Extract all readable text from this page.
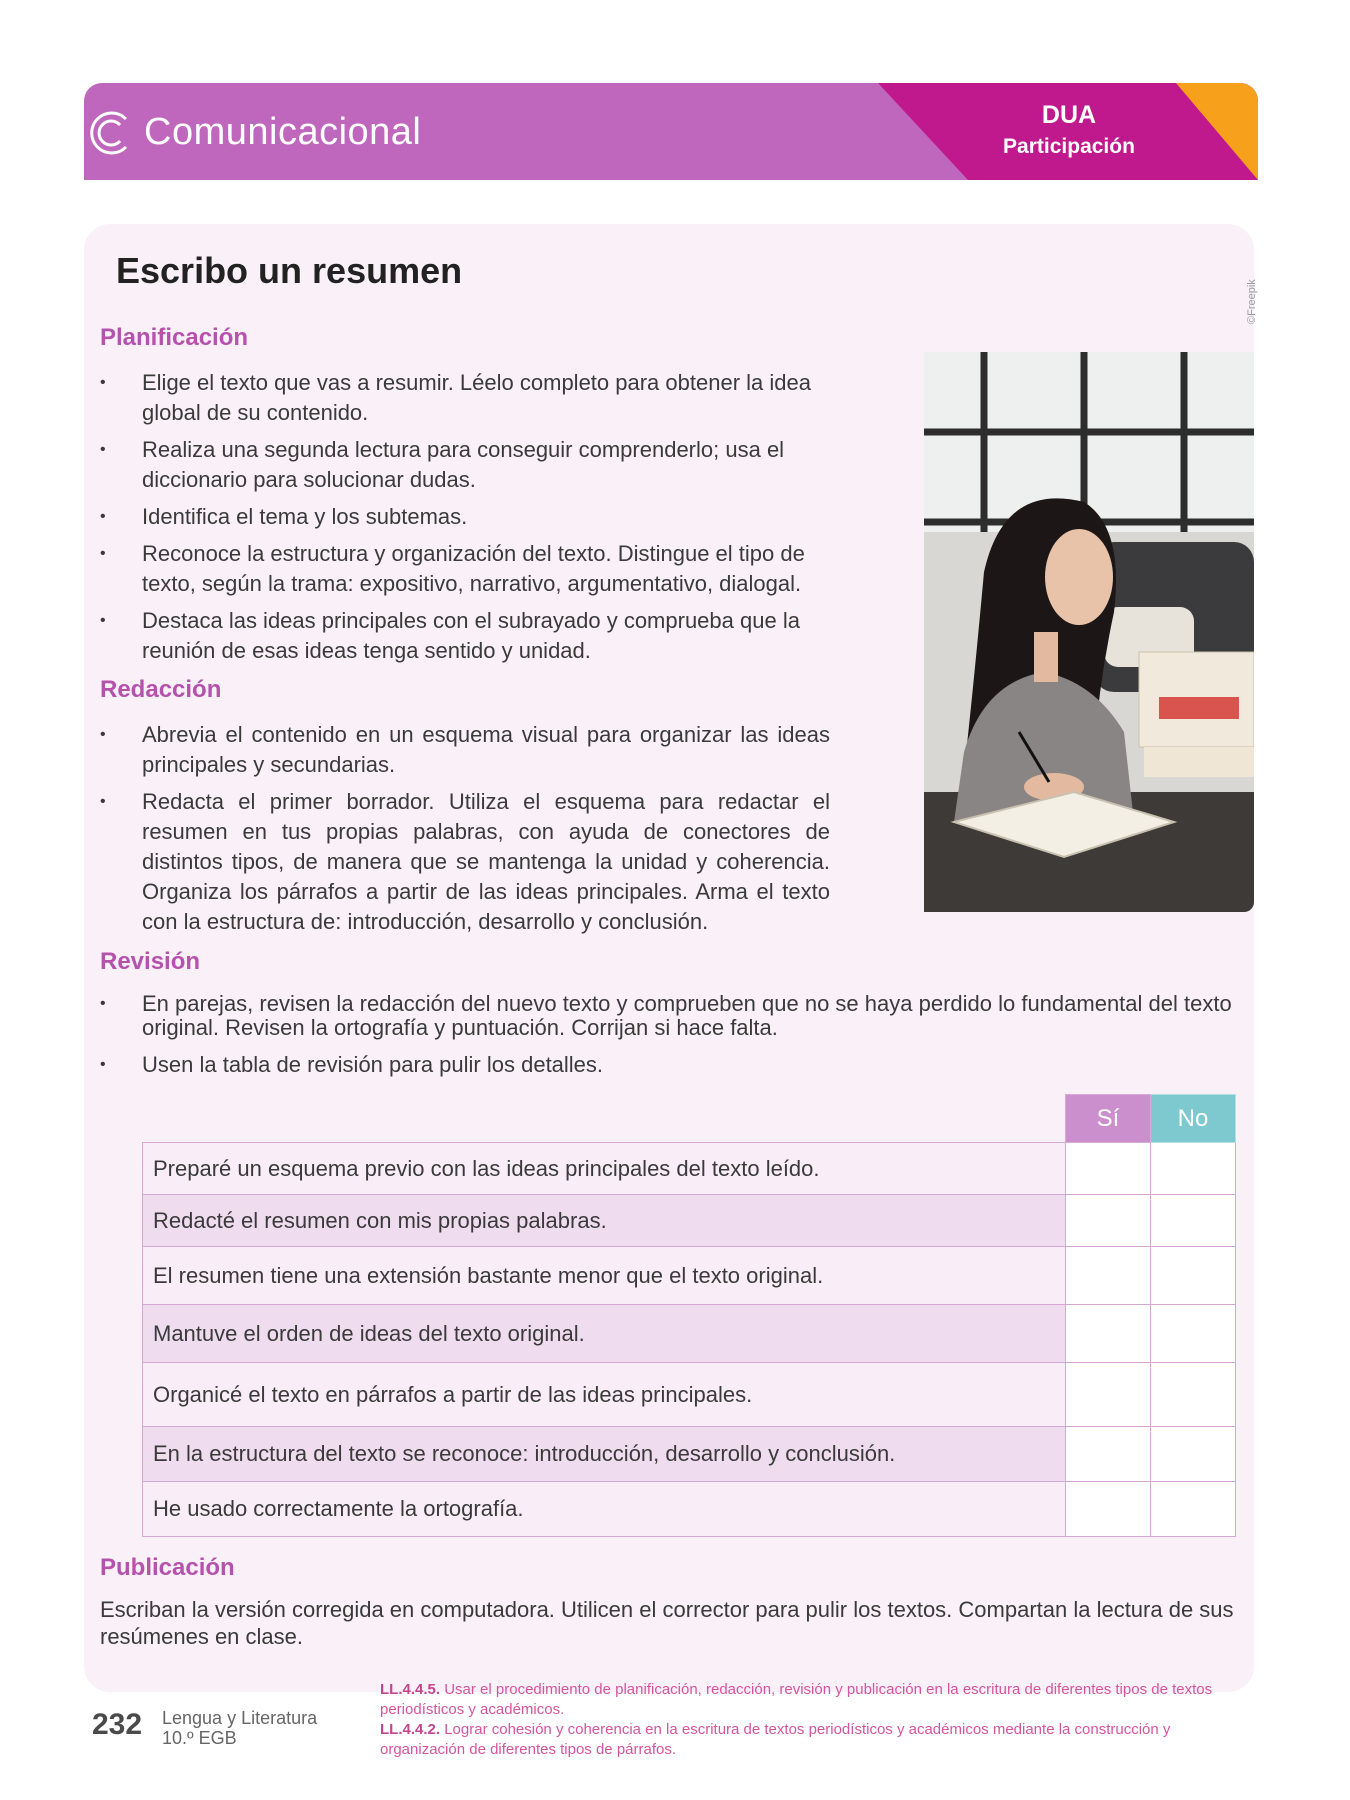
Comunicacional	DUA
Participación
Escribo un resumen
Planificación
• Elige el texto que vas a resumir. Léelo completo para obtener la idea global de su contenido.
• Realiza una segunda lectura para conseguir comprenderlo; usa el diccionario para solucionar dudas.
• Identifica el tema y los subtemas.
• Reconoce la estructura y organización del texto. Distingue el tipo de texto, según la trama: expositivo, narrativo, argumentativo, dialogal.
• Destaca las ideas principales con el subrayado y comprueba que la reunión de esas ideas tenga sentido y unidad.
Redacción
• Abrevia el contenido en un esquema visual para organizar las ideas principales y secundarias.
• Redacta el primer borrador. Utiliza el esquema para redactar el resumen en tus propias palabras, con ayuda de conectores de distintos tipos, de manera que se mantenga la unidad y coherencia. Organiza los párrafos a partir de las ideas principales. Arma el texto con la estructura de: introducción, desarrollo y conclusión.
©Freepik
Revisión
• En parejas, revisen la redacción del nuevo texto y comprueben que no se haya perdido lo fundamental del texto original. Revisen la ortografía y puntuación. Corrijan si hace falta.
• Usen la tabla de revisión para pulir los detalles.
	Sí	No
Preparé un esquema previo con las ideas principales del texto leído.		
Redacté el resumen con mis propias palabras.		
El resumen tiene una extensión bastante menor que el texto original.		
Mantuve el orden de ideas del texto original.		
Organicé el texto en párrafos a partir de las ideas principales.		
En la estructura del texto se reconoce: introducción, desarrollo y conclusión.		
He usado correctamente la ortografía.		
Publicación
Escriban la versión corregida en computadora. Utilicen el corrector para pulir los textos. Compartan la lectura de sus resúmenes en clase.
232 Lengua y Literatura
10.º EGB
LL.4.4.5. Usar el procedimiento de planificación, redacción, revisión y publicación en la escritura de diferentes tipos de textos periodísticos y académicos.
LL.4.4.2. Lograr cohesión y coherencia en la escritura de textos periodísticos y académicos mediante la construcción y organización de diferentes tipos de párrafos.
